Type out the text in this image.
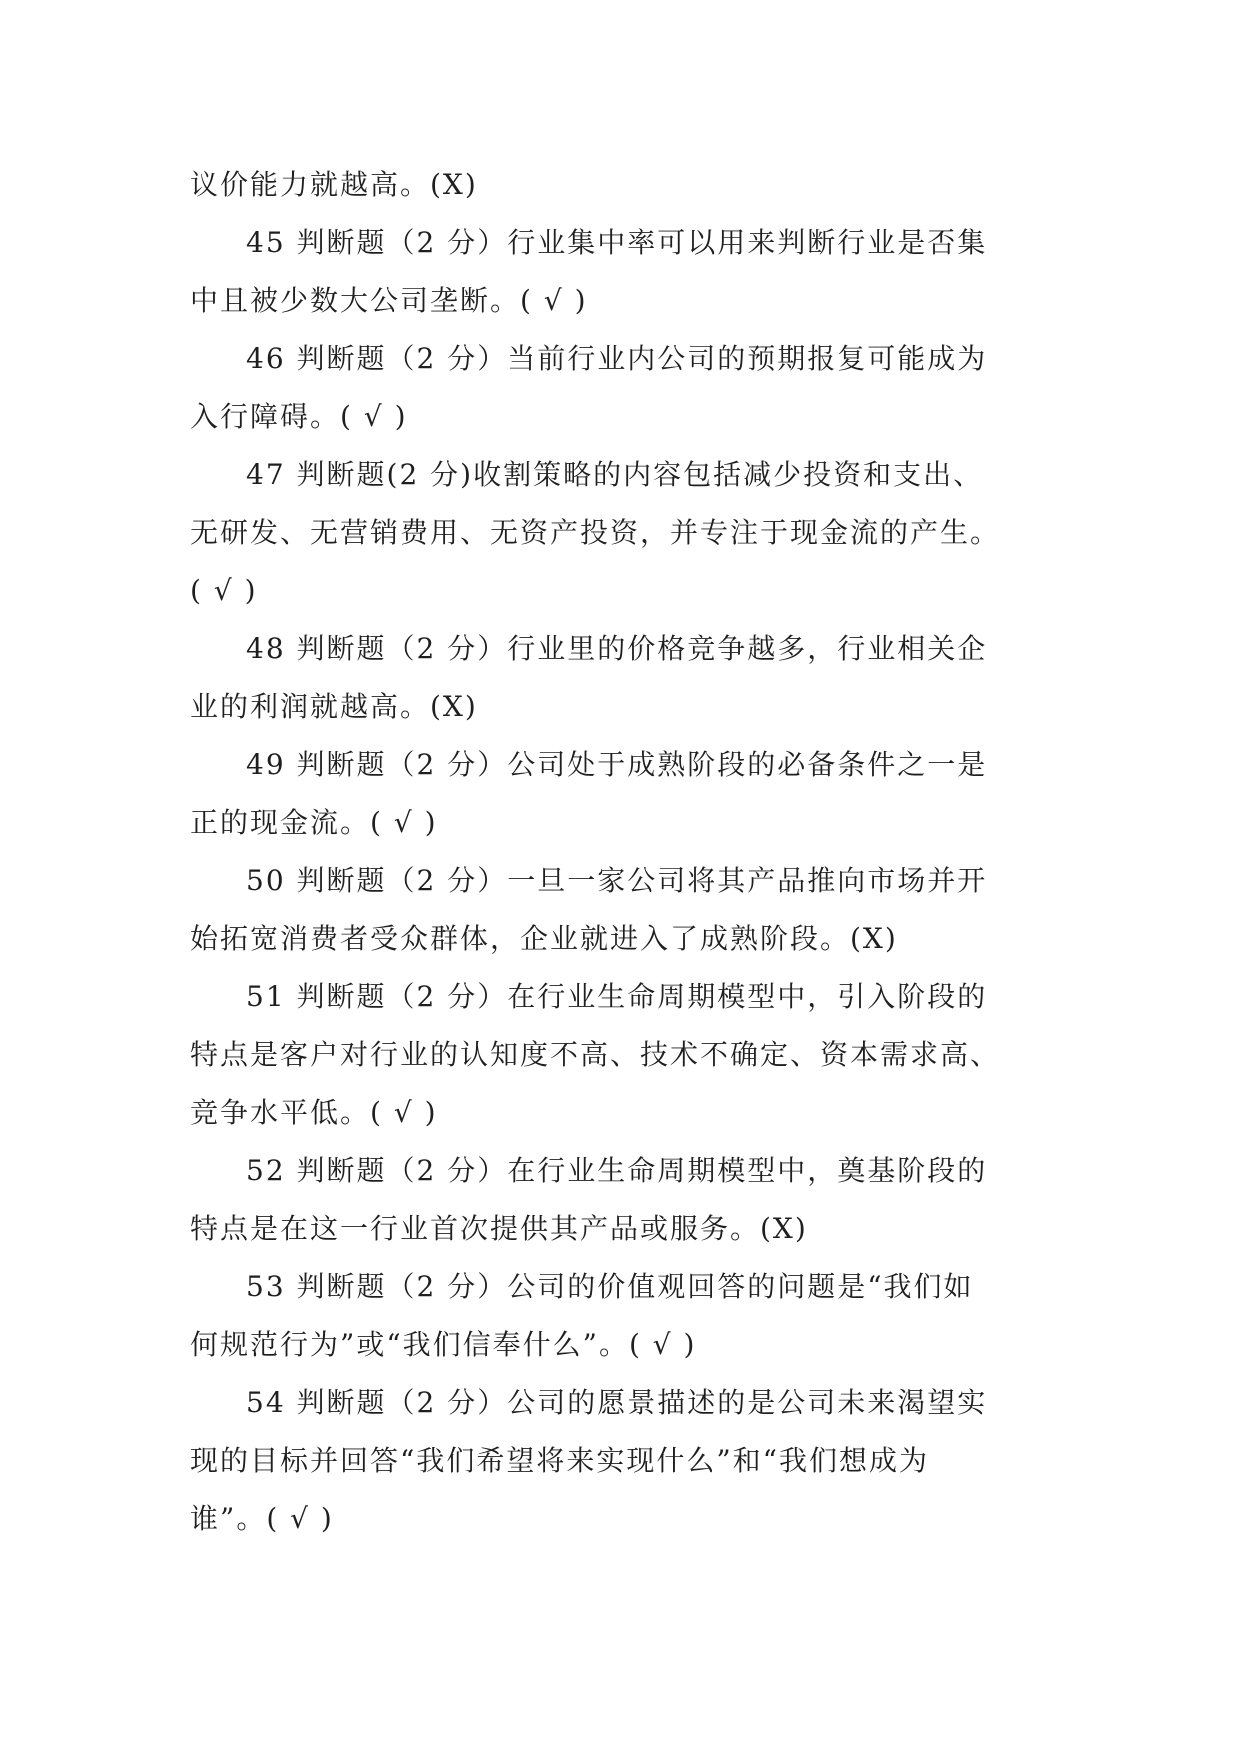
议价能力就越高。(X)
45 判断题（2 分）行业集中率可以用来判断行业是否集
中且被少数大公司垄断。( √ )
46 判断题（2 分）当前行业内公司的预期报复可能成为
入行障碍。( √ )
47 判断题(2 分)收割策略的内容包括减少投资和支出、
无研发、无营销费用、无资产投资，并专注于现金流的产生。
( √ )
48 判断题（2 分）行业里的价格竞争越多，行业相关企
业的利润就越高。(X)
49 判断题（2 分）公司处于成熟阶段的必备条件之一是
正的现金流。( √ )
50 判断题（2 分）一旦一家公司将其产品推向市场并开
始拓宽消费者受众群体，企业就进入了成熟阶段。(X)
51 判断题（2 分）在行业生命周期模型中，引入阶段的
特点是客户对行业的认知度不高、技术不确定、资本需求高、
竞争水平低。( √ )
52 判断题（2 分）在行业生命周期模型中，奠基阶段的
特点是在这一行业首次提供其产品或服务。(X)
53 判断题（2 分）公司的价值观回答的问题是“我们如
何规范行为”或“我们信奉什么”。( √ )
54 判断题（2 分）公司的愿景描述的是公司未来渴望实
现的目标并回答“我们希望将来实现什么”和“我们想成为
谁”。( √ )
